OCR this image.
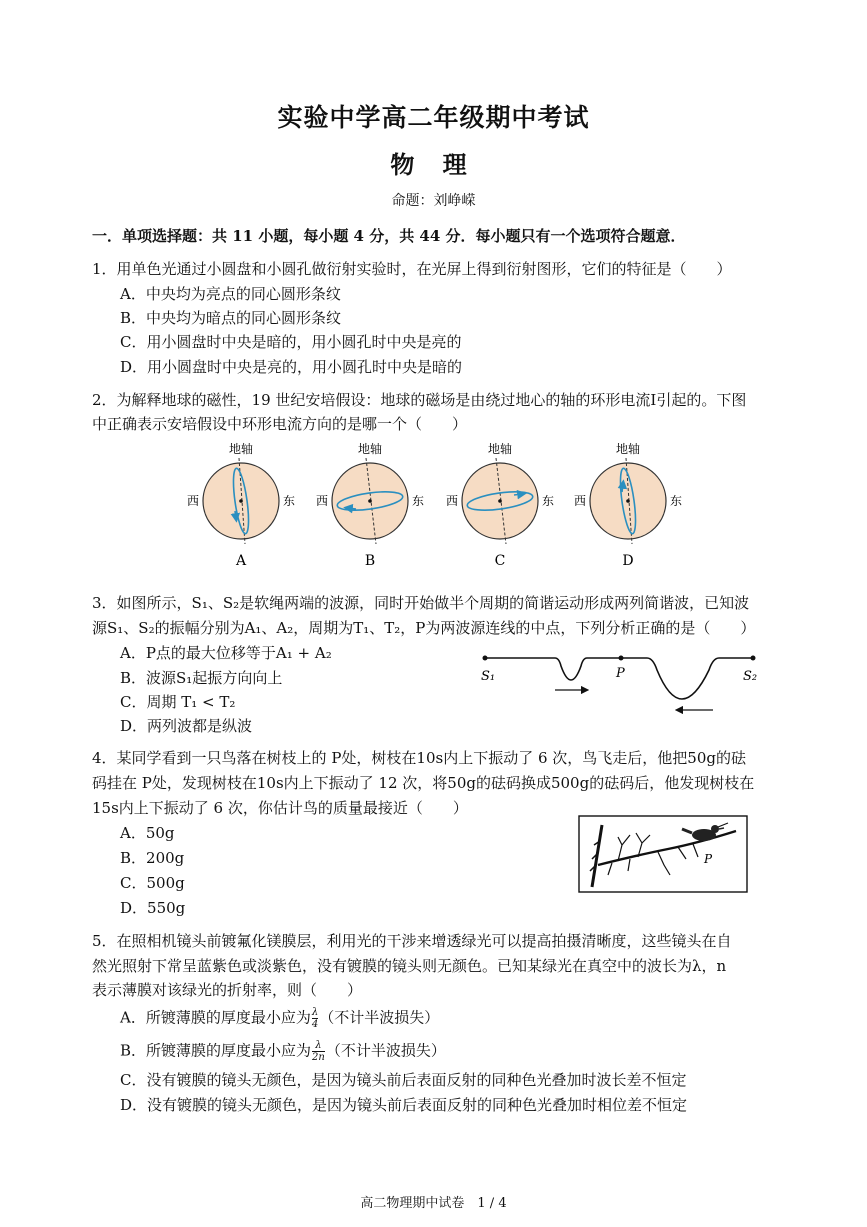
实验中学高二年级期中考试
物 理
命题：刘峥嵘
一．单项选择题：共 11 小题，每小题 4 分，共 44 分．每小题只有一个选项符合题意．
1．用单色光通过小圆盘和小圆孔做衍射实验时，在光屏上得到衍射图形，它们的特征是（　　）
A．中央均为亮点的同心圆形条纹
B．中央均为暗点的同心圆形条纹
C．用小圆盘时中央是暗的，用小圆孔时中央是亮的
D．用小圆盘时中央是亮的，用小圆孔时中央是暗的
2．为解释地球的磁性，19 世纪安培假设：地球的磁场是由绕过地心的轴的环形电流I引起的。下图
中正确表示安培假设中环形电流方向的是哪一个（　　）
地轴
西	东
A
地轴
西	东
B
地轴
西	东
C
地轴
西	东
D
3．如图所示，S₁、S₂是软绳两端的波源，同时开始做半个周期的简谐运动形成两列简谐波，已知波
源S₁、S₂的振幅分别为A₁、A₂，周期为T₁、T₂，P为两波源连线的中点，下列分析正确的是（　　）
A．P点的最大位移等于A₁ + A₂
B．波源S₁起振方向向上
C．周期 T₁ < T₂
D．两列波都是纵波
S₁	P	S₂
4．某同学看到一只鸟落在树枝上的 P处，树枝在10s内上下振动了 6 次，鸟飞走后，他把50g的砝
码挂在 P处，发现树枝在10s内上下振动了 12 次，将50g的砝码换成500g的砝码后，他发现树枝在
15s内上下振动了 6 次，你估计鸟的质量最接近（　　）
A．50g
B．200g
C．500g
D．550g
P
5．在照相机镜头前镀氟化镁膜层，利用光的干涉来增透绿光可以提高拍摄清晰度，这些镜头在自
然光照射下常呈蓝紫色或淡紫色，没有镀膜的镜头则无颜色。已知某绿光在真空中的波长为λ，n
表示薄膜对该绿光的折射率，则（　　）
A．所镀薄膜的厚度最小应为 $\frac{\lambda}{4}$ （不计半波损失）
B．所镀薄膜的厚度最小应为 $\frac{\lambda}{2n}$ （不计半波损失）
C．没有镀膜的镜头无颜色，是因为镜头前后表面反射的同种色光叠加时波长差不恒定
D．没有镀膜的镜头无颜色，是因为镜头前后表面反射的同种色光叠加时相位差不恒定
高二物理期中试卷　1 / 4
